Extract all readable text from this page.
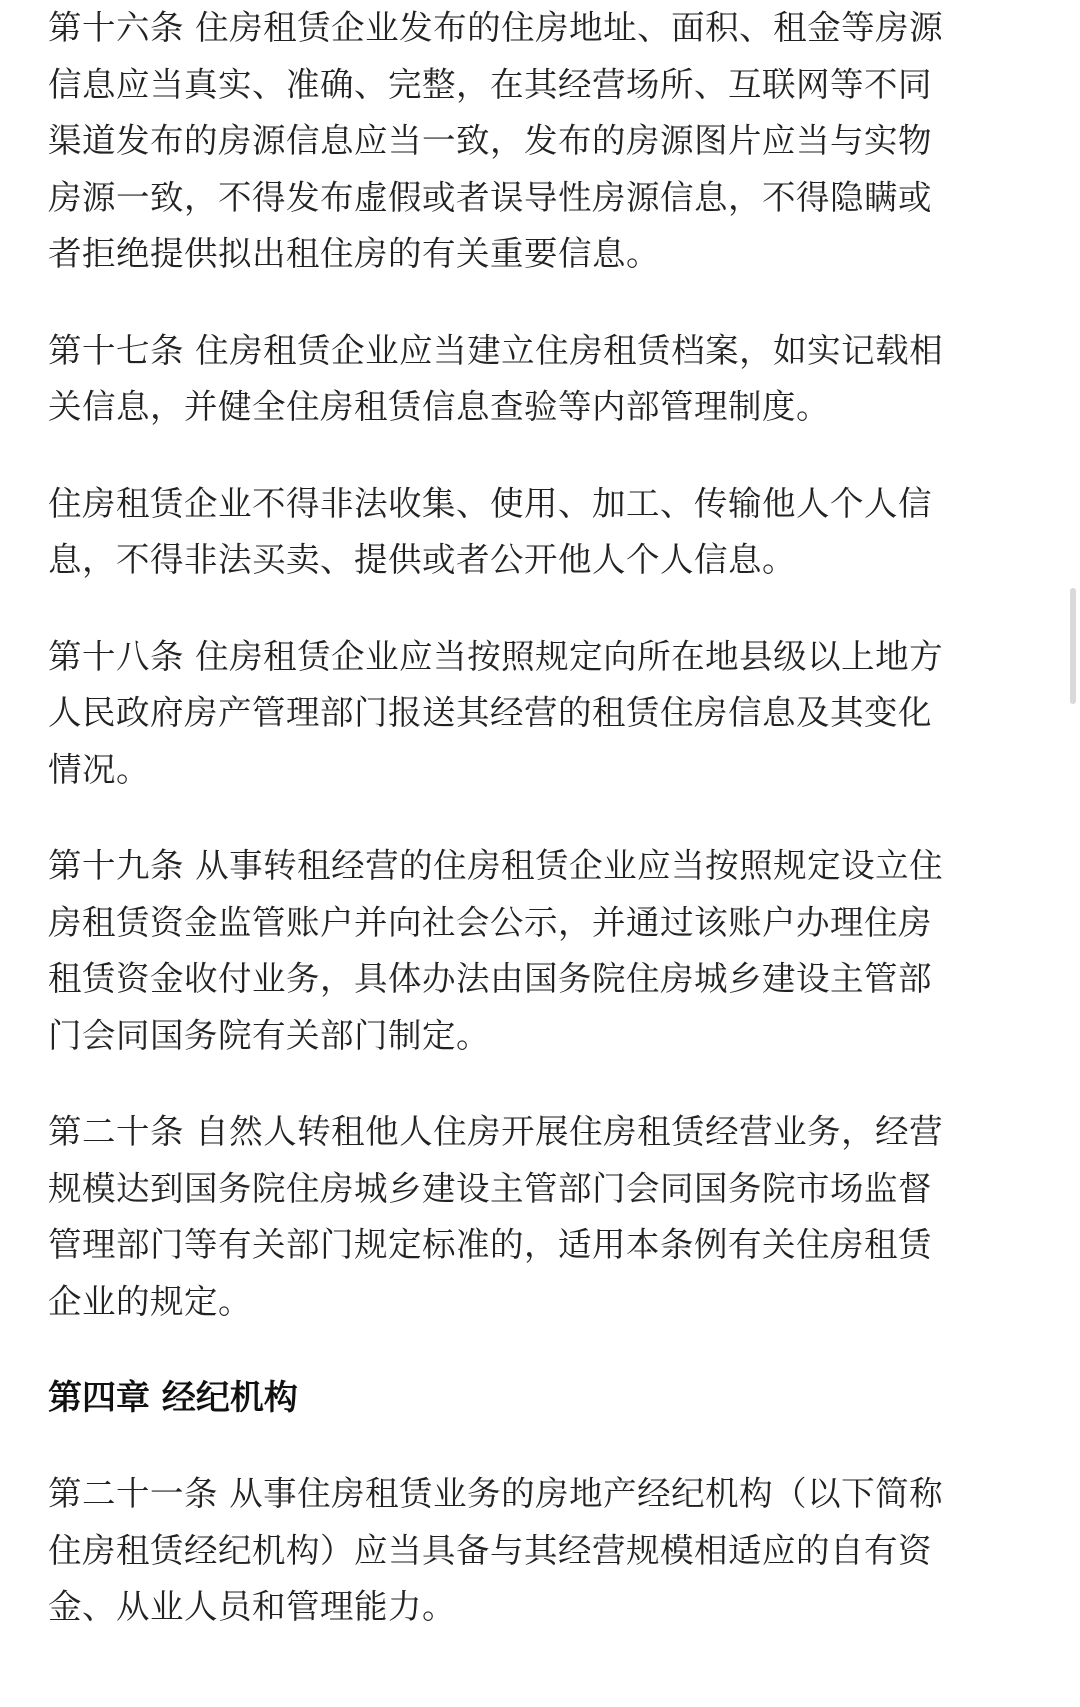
第十六条 住房租赁企业发布的住房地址、面积、租金等房源
信息应当真实、准确、完整，在其经营场所、互联网等不同
渠道发布的房源信息应当一致，发布的房源图片应当与实物
房源一致，不得发布虚假或者误导性房源信息，不得隐瞒或
者拒绝提供拟出租住房的有关重要信息。

第十七条 住房租赁企业应当建立住房租赁档案，如实记载相
关信息，并健全住房租赁信息查验等内部管理制度。

住房租赁企业不得非法收集、使用、加工、传输他人个人信
息，不得非法买卖、提供或者公开他人个人信息。

第十八条 住房租赁企业应当按照规定向所在地县级以上地方
人民政府房产管理部门报送其经营的租赁住房信息及其变化
情况。

第十九条 从事转租经营的住房租赁企业应当按照规定设立住
房租赁资金监管账户并向社会公示，并通过该账户办理住房
租赁资金收付业务，具体办法由国务院住房城乡建设主管部
门会同国务院有关部门制定。

第二十条 自然人转租他人住房开展住房租赁经营业务，经营
规模达到国务院住房城乡建设主管部门会同国务院市场监督
管理部门等有关部门规定标准的，适用本条例有关住房租赁
企业的规定。

第四章 经纪机构

第二十一条 从事住房租赁业务的房地产经纪机构（以下简称
住房租赁经纪机构）应当具备与其经营规模相适应的自有资
金、从业人员和管理能力。
